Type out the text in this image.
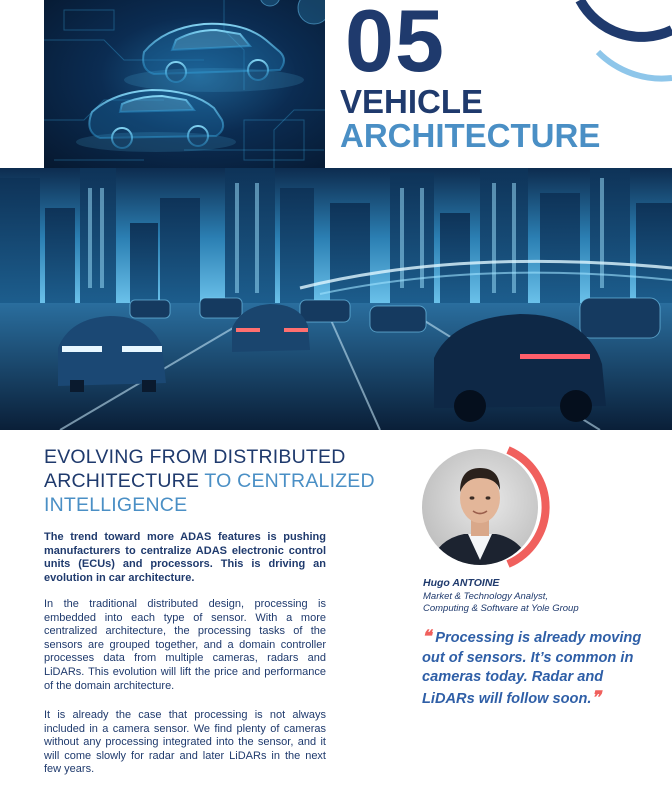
05
VEHICLE
ARCHITECTURE
EVOLVING FROM DISTRIBUTED ARCHITECTURE TO CENTRALIZED INTELLIGENCE

The trend toward more ADAS features is pushing manufacturers to centralize ADAS electronic control units (ECUs) and processors. This is driving an evolution in car architecture.

In the traditional distributed design, processing is embedded into each type of sensor. With a more centralized architecture, the processing tasks of the sensors are grouped together, and a domain controller processes data from multiple cameras, radars and LiDARs. This evolution will lift the price and performance of the domain architecture.

It is already the case that processing is not always included in a camera sensor. We find plenty of cameras without any processing integrated into the sensor, and it will come slowly for radar and later LiDARs in the next few years.

Hugo ANTOINE

Market & Technology Analyst,
Computing & Software at Yole Group

❝ Processing is already moving out of sensors. It’s common in cameras today. Radar and LiDARs will follow soon.❞
